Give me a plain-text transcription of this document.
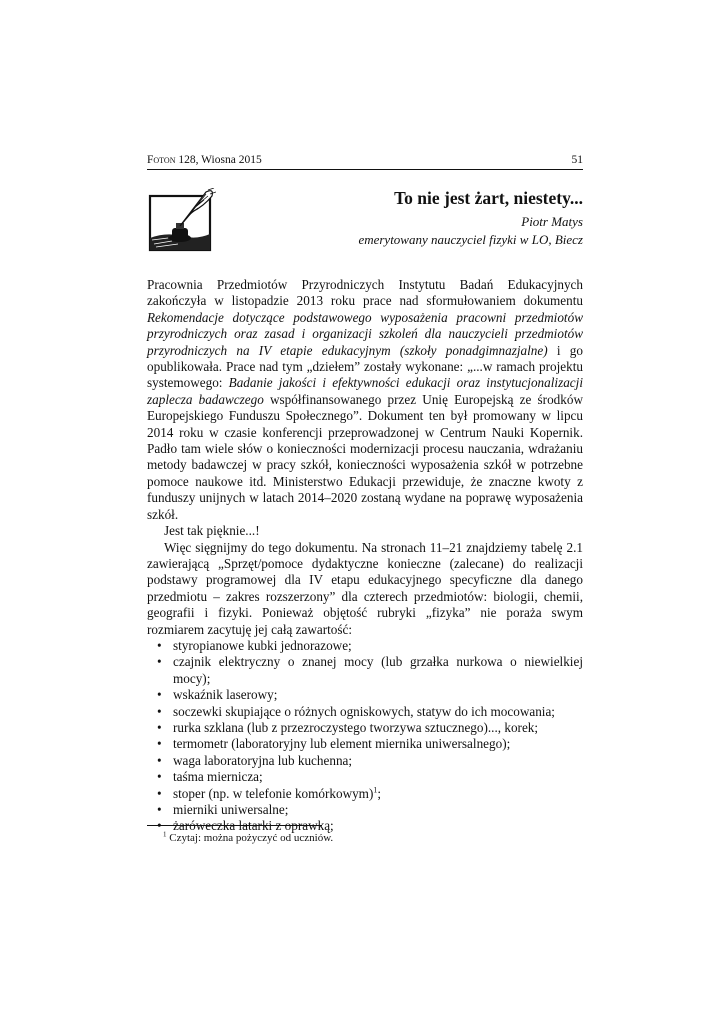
Foton 128, Wiosna 2015	51
To nie jest żart, niestety...
Piotr Matys
emerytowany nauczyciel fizyki w LO, Biecz

Pracownia Przedmiotów Przyrodniczych Instytutu Badań Edukacyjnych zakończyła w listopadzie 2013 roku prace nad sformułowaniem dokumentu Rekomendacje dotyczące podstawowego wyposażenia pracowni przedmiotów przyrodniczych oraz zasad i organizacji szkoleń dla nauczycieli przedmiotów przyrodniczych na IV etapie edukacyjnym (szkoły ponadgimnazjalne) i go opublikowała. Prace nad tym „dziełem” zostały wykonane: „...w ramach projektu systemowego: Badanie jakości i efektywności edukacji oraz instytucjonalizacji zaplecza badawczego współfinansowanego przez Unię Europejską ze środków Europejskiego Funduszu Społecznego”. Dokument ten był promowany w lipcu 2014 roku w czasie konferencji przeprowadzonej w Centrum Nauki Kopernik. Padło tam wiele słów o konieczności modernizacji procesu nauczania, wdrażaniu metody badawczej w pracy szkół, konieczności wyposażenia szkół w potrzebne pomoce naukowe itd. Ministerstwo Edukacji przewiduje, że znaczne kwoty z funduszy unijnych w latach 2014–2020 zostaną wydane na poprawę wyposażenia szkół.

Jest tak pięknie...!

Więc sięgnijmy do tego dokumentu. Na stronach 11–21 znajdziemy tabelę 2.1 zawierającą „Sprzęt/pomoce dydaktyczne konieczne (zalecane) do realizacji podstawy programowej dla IV etapu edukacyjnego specyficzne dla danego przedmiotu – zakres rozszerzony” dla czterech przedmiotów: biologii, chemii, geografii i fizyki. Ponieważ objętość rubryki „fizyka” nie poraża swym rozmiarem zacytuję jej całą zawartość:

• styropianowe kubki jednorazowe;
• czajnik elektryczny o znanej mocy (lub grzałka nurkowa o niewielkiej mocy);
• wskaźnik laserowy;
• soczewki skupiające o różnych ogniskowych, statyw do ich mocowania;
• rurka szklana (lub z przezroczystego tworzywa sztucznego)..., korek;
• termometr (laboratoryjny lub element miernika uniwersalnego);
• waga laboratoryjna lub kuchenna;
• taśma miernicza;
• stoper (np. w telefonie komórkowym)$^1$;
• mierniki uniwersalne;
• żaróweczka latarki z oprawką;
$^1$ Czytaj: można pożyczyć od uczniów.
